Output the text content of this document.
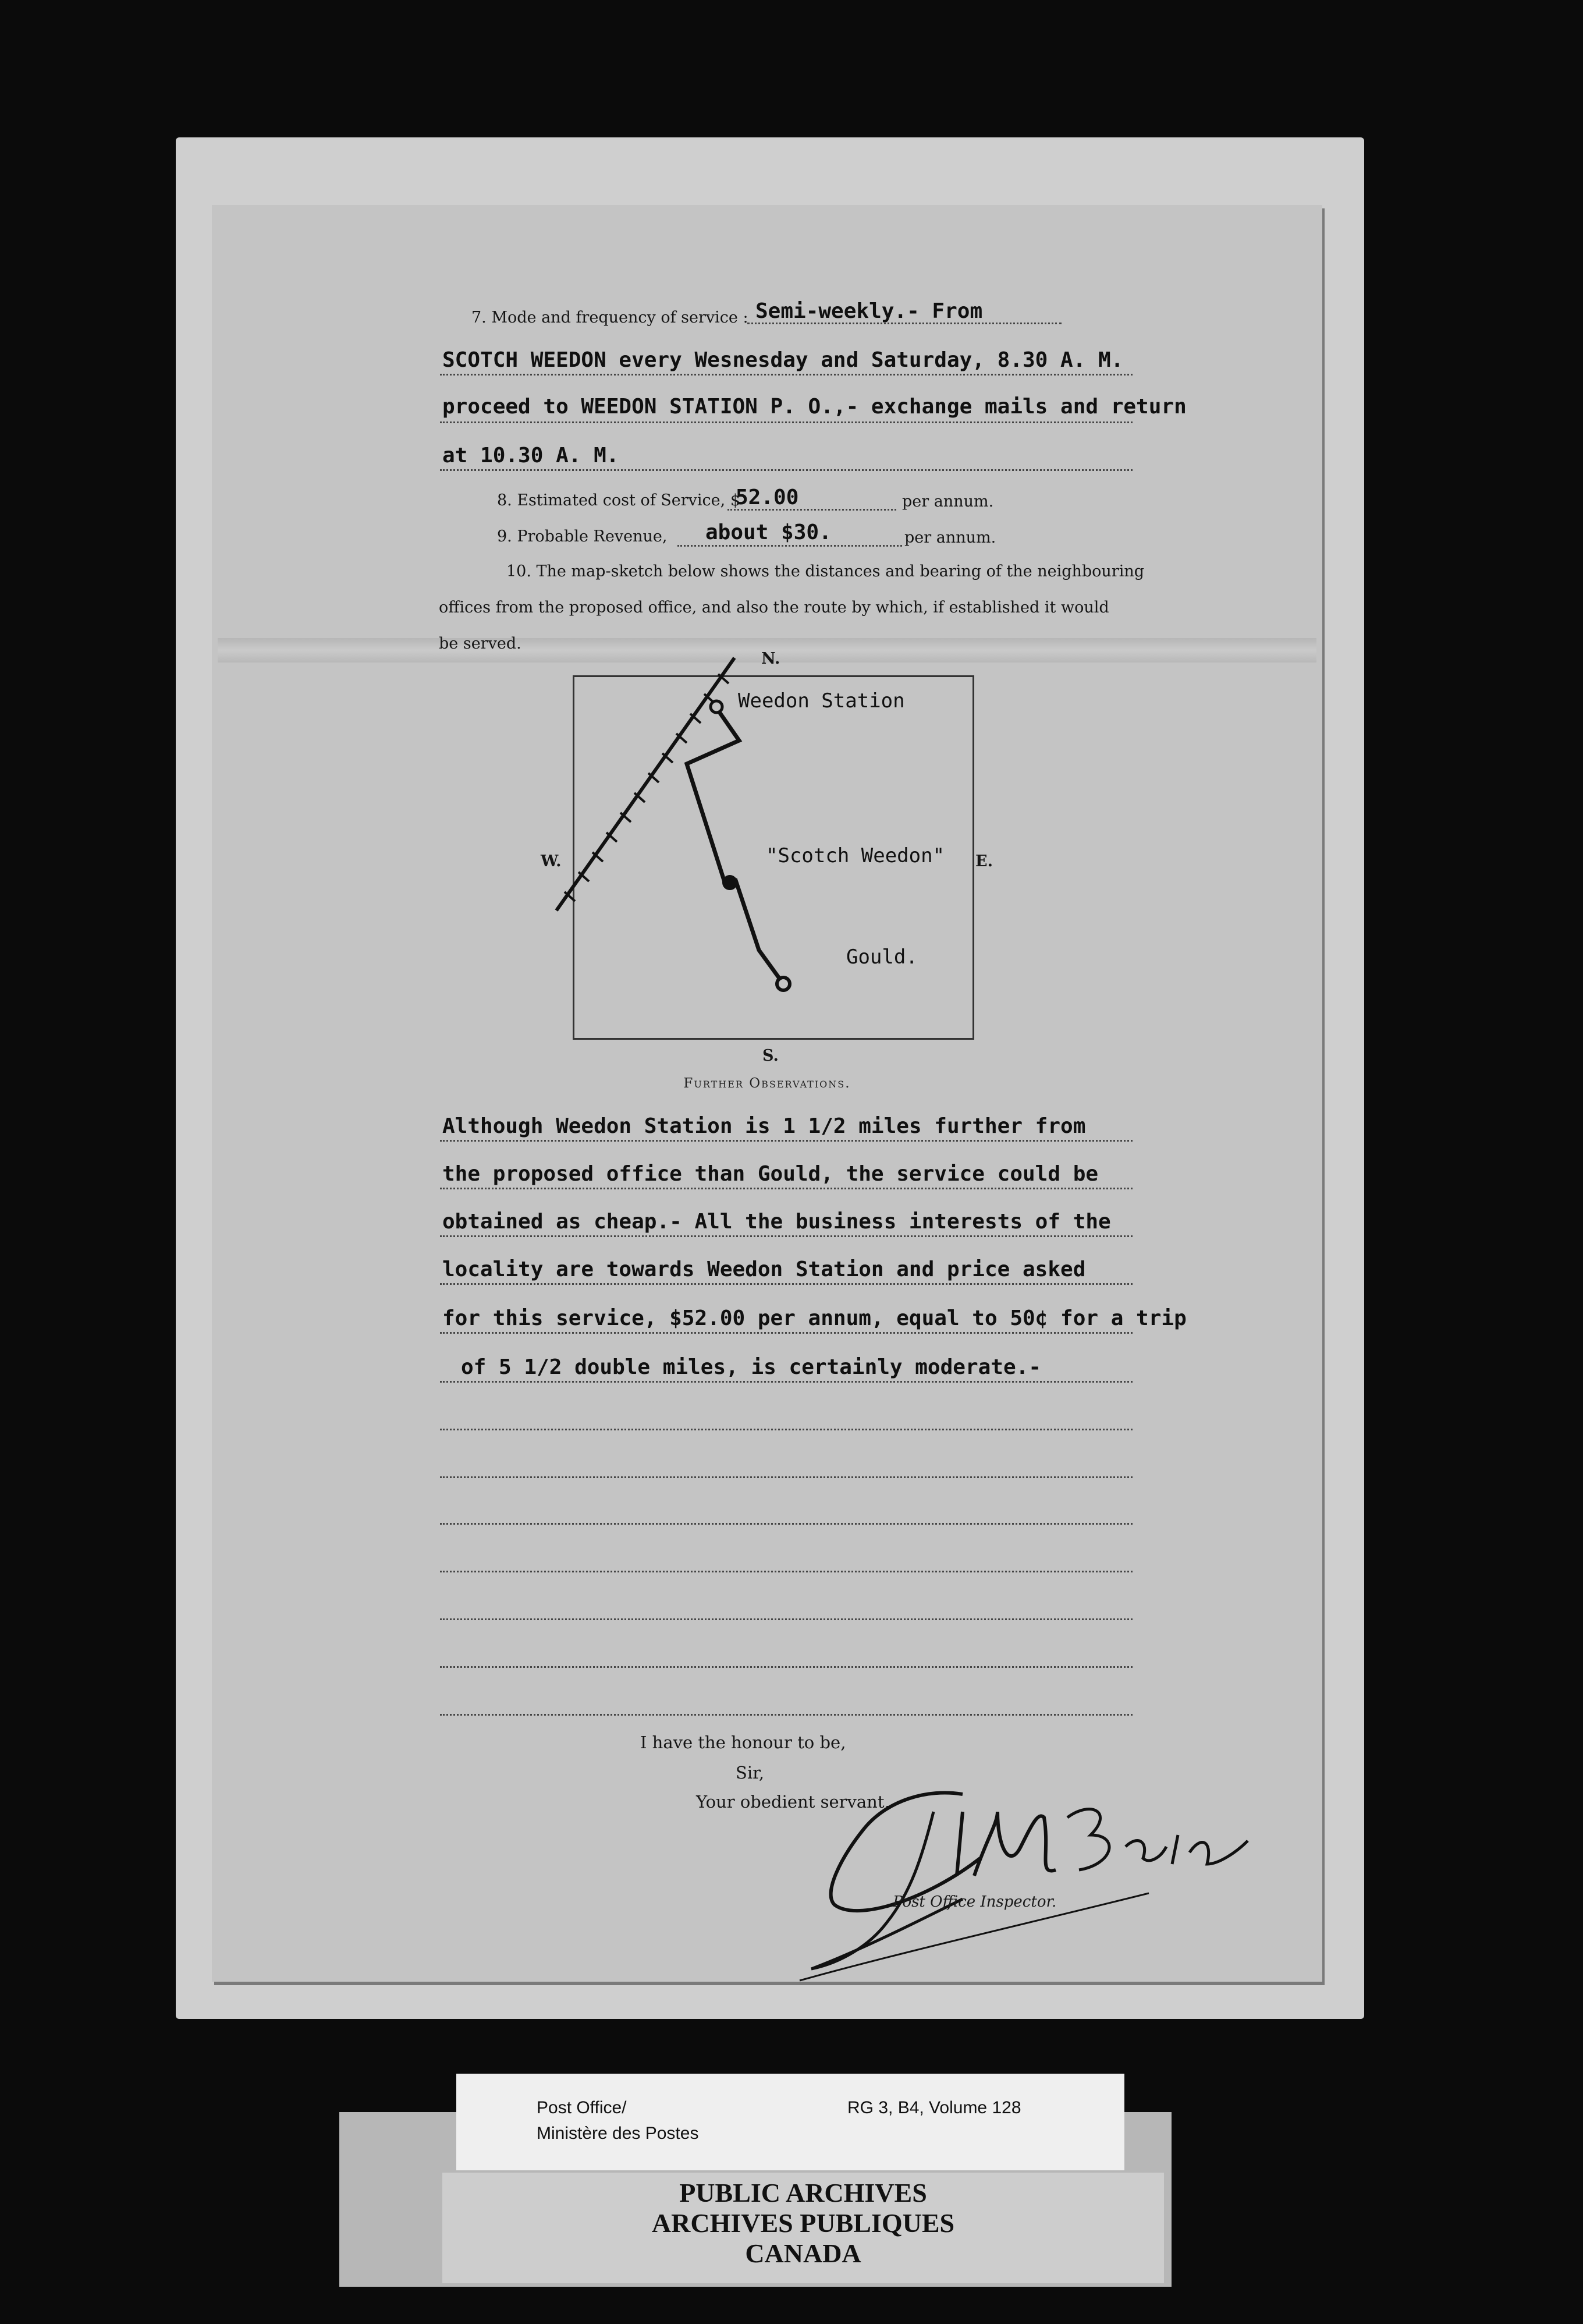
7. Mode and frequency of service : Semi-weekly.- From
SCOTCH WEEDON every Wesnesday and Saturday, 8.30 A. M.
proceed to WEEDON STATION P. O.,- exchange mails and return
at 10.30 A. M.
8. Estimated cost of Service, $
52.00	per annum.
9. Probable Revenue, about $30.	per annum.
10. The map-sketch below shows the distances and bearing of the neighbouring
offices from the proposed office, and also the route by which, if established it would
be served.
N.
S.
W.	E.
Weedon Station
"Scotch Weedon"
Gould.
Further Observations.
Although Weedon Station is 1 1/2 miles further from
the proposed office than Gould, the service could be
obtained as cheap.- All the business interests of the
locality are towards Weedon Station and price asked
for this service, $52.00 per annum, equal to 50¢ for a trip
of 5 1/2 double miles, is certainly moderate.-
I have the honour to be,
Sir,
Your obedient servant,
Post Office Inspector.
Post Office/
Ministère des Postes
RG 3, B4, Volume 128
PUBLIC ARCHIVES
ARCHIVES PUBLIQUES
CANADA
